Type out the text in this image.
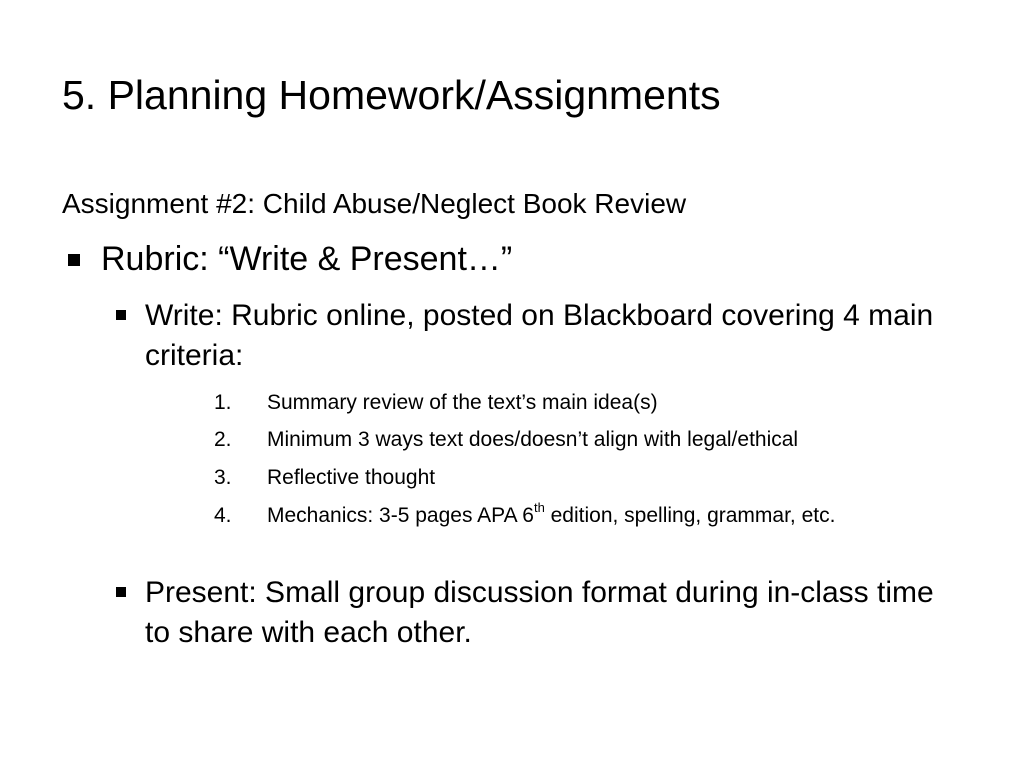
5. Planning Homework/Assignments
Assignment #2: Child Abuse/Neglect Book Review
Rubric: “Write & Present…”
Write: Rubric online, posted on Blackboard covering 4 main criteria:
1.	Summary review of the text’s main idea(s)
2.	Minimum 3 ways text does/doesn’t align with legal/ethical
3.	Reflective thought
4.	Mechanics: 3-5 pages APA 6th edition, spelling, grammar, etc.
Present: Small group discussion format during in-class time to share with each other.
